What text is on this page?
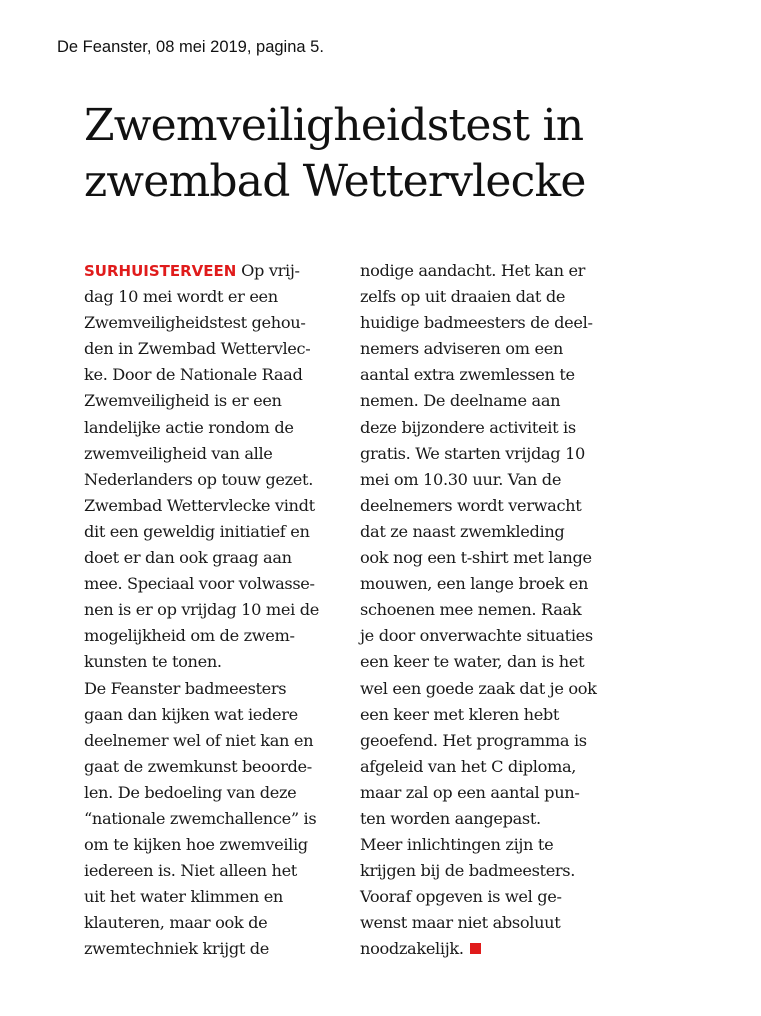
De Feanster, 08 mei 2019, pagina 5.
Zwemveiligheidstest in
zwembad Wettervlecke
SURHUISTERVEEN Op vrij-
dag 10 mei wordt er een
Zwemveiligheidstest gehou-
den in Zwembad Wettervlec-
ke. Door de Nationale Raad
Zwemveiligheid is er een
landelijke actie rondom de
zwemveiligheid van alle
Nederlanders op touw gezet.
Zwembad Wettervlecke vindt
dit een geweldig initiatief en
doet er dan ook graag aan
mee. Speciaal voor volwasse-
nen is er op vrijdag 10 mei de
mogelijkheid om de zwem-
kunsten te tonen.
De Feanster badmeesters
gaan dan kijken wat iedere
deelnemer wel of niet kan en
gaat de zwemkunst beoorde-
len. De bedoeling van deze
“nationale zwemchallence” is
om te kijken hoe zwemveilig
iedereen is. Niet alleen het
uit het water klimmen en
klauteren, maar ook de
zwemtechniek krijgt de
nodige aandacht. Het kan er
zelfs op uit draaien dat de
huidige badmeesters de deel-
nemers adviseren om een
aantal extra zwemlessen te
nemen. De deelname aan
deze bijzondere activiteit is
gratis. We starten vrijdag 10
mei om 10.30 uur. Van de
deelnemers wordt verwacht
dat ze naast zwemkleding
ook nog een t-shirt met lange
mouwen, een lange broek en
schoenen mee nemen. Raak
je door onverwachte situaties
een keer te water, dan is het
wel een goede zaak dat je ook
een keer met kleren hebt
geoefend. Het programma is
afgeleid van het C diploma,
maar zal op een aantal pun-
ten worden aangepast.
Meer inlichtingen zijn te
krijgen bij de badmeesters.
Vooraf opgeven is wel ge-
wenst maar niet absoluut
noodzakelijk.
